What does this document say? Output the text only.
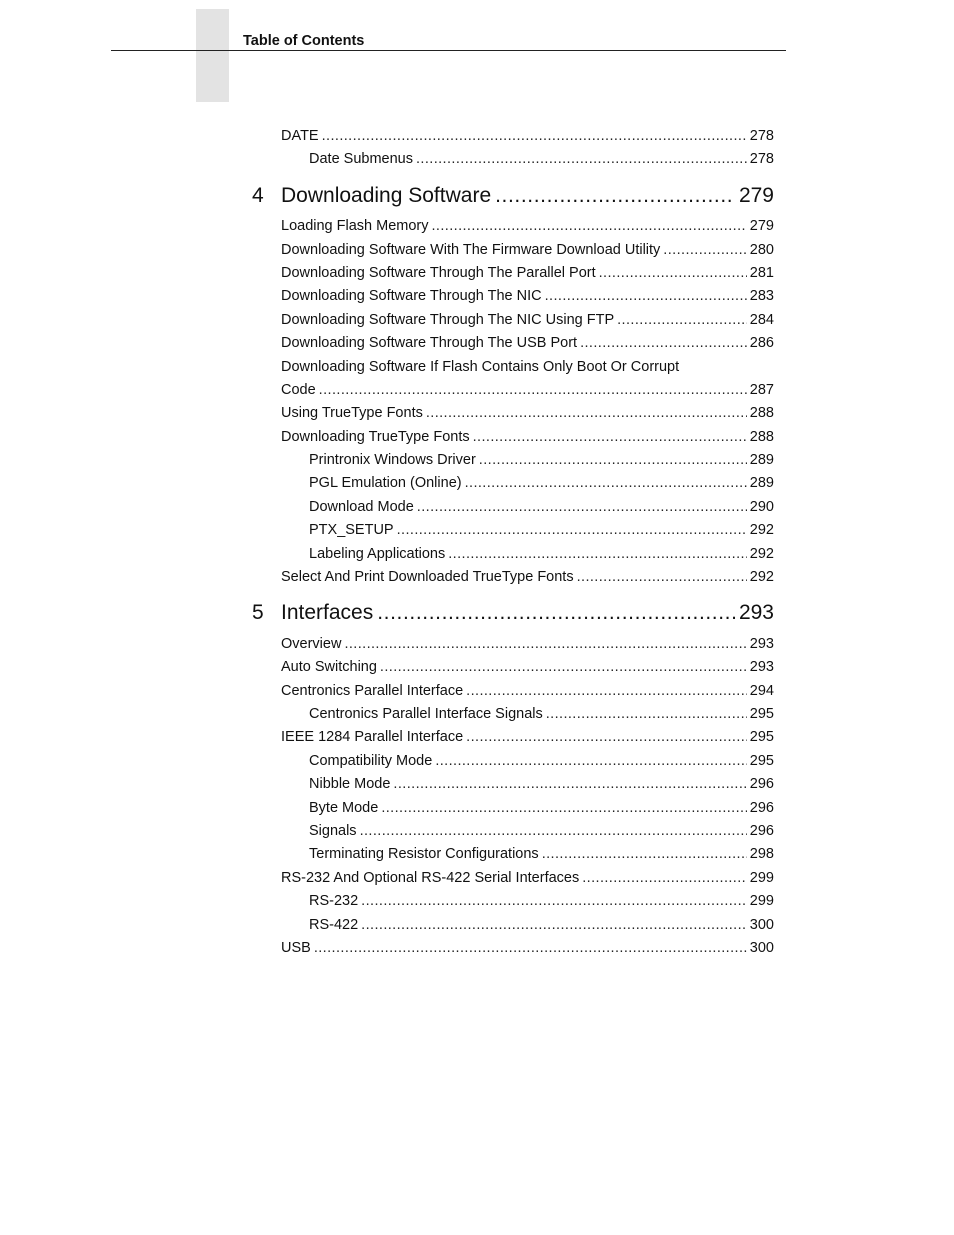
Table of Contents
DATE .....	278
Date Submenus .....	278
4 Downloading Software .....	279
Loading Flash Memory .....	279
Downloading Software With The Firmware Download Utility .....	280
Downloading Software Through The Parallel Port .....	281
Downloading Software Through The NIC .....	283
Downloading Software Through The NIC Using FTP .....	284
Downloading Software Through The USB Port .....	286
Downloading Software If Flash Contains Only Boot Or Corrupt
Code .....	287
Using TrueType Fonts .....	288
Downloading TrueType Fonts .....	288
Printronix Windows Driver .....	289
PGL Emulation (Online) .....	289
Download Mode .....	290
PTX_SETUP .....	292
Labeling Applications .....	292
Select And Print Downloaded TrueType Fonts .....	292
5 Interfaces .....	293
Overview .....	293
Auto Switching .....	293
Centronics Parallel Interface .....	294
Centronics Parallel Interface Signals .....	295
IEEE 1284 Parallel Interface .....	295
Compatibility Mode .....	295
Nibble Mode .....	296
Byte Mode .....	296
Signals .....	296
Terminating Resistor Configurations .....	298
RS-232 And Optional RS-422 Serial Interfaces .....	299
RS-232 .....	299
RS-422 .....	300
USB .....	300
